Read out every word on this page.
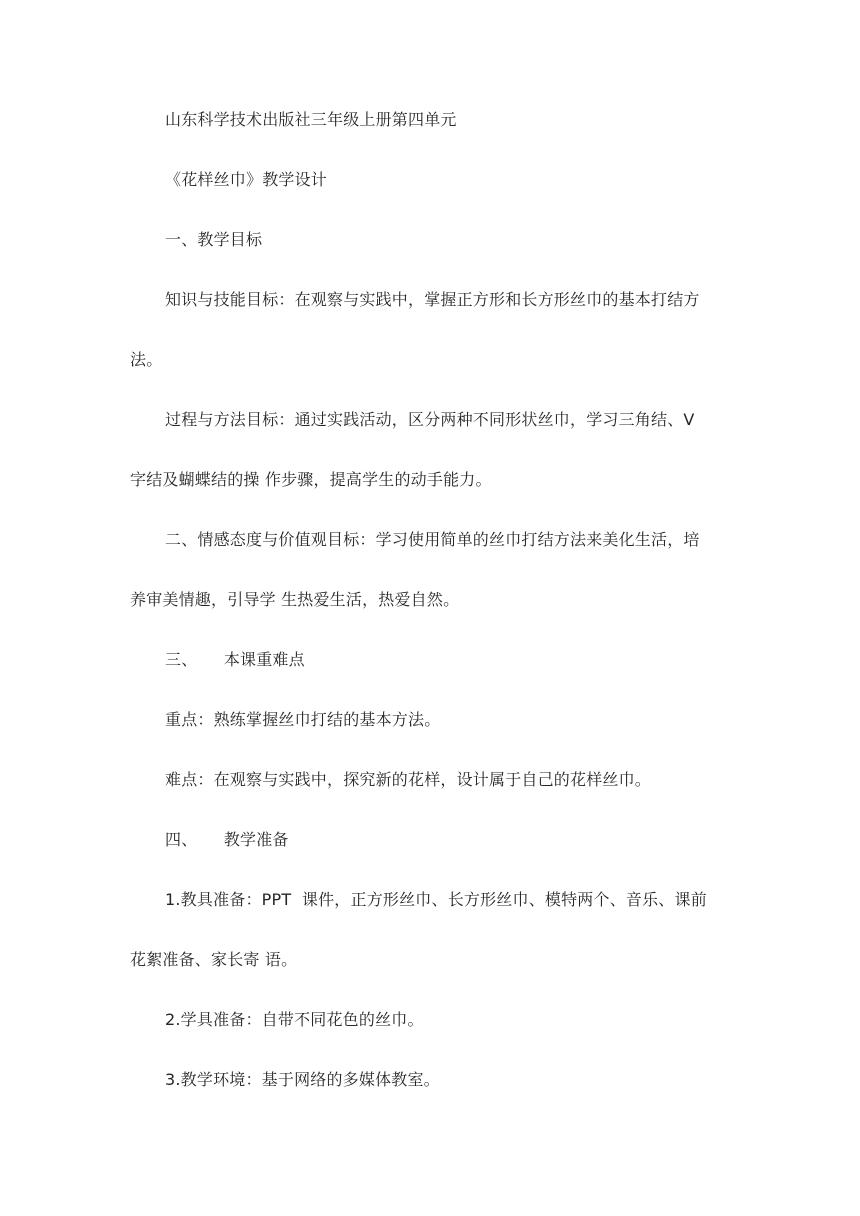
山东科学技术出版社三年级上册第四单元
《花样丝巾》教学设计
一、教学目标
知识与技能目标：在观察与实践中，掌握正方形和长方形丝巾的基本打结方
法。
过程与方法目标：通过实践活动，区分两种不同形状丝巾，学习三角结、V
字结及蝴蝶结的操 作步骤，提高学生的动手能力。
二、情感态度与价值观目标：学习使用简单的丝巾打结方法来美化生活，培
养审美情趣，引导学 生热爱生活，热爱自然。
三、     本课重难点
重点：熟练掌握丝巾打结的基本方法。
难点：在观察与实践中，探究新的花样，设计属于自己的花样丝巾。
四、     教学准备
1.教具准备：PPT  课件，正方形丝巾、长方形丝巾、模特两个、音乐、课前
花絮准备、家长寄 语。
2.学具准备：自带不同花色的丝巾。
3.教学环境：基于网络的多媒体教室。
